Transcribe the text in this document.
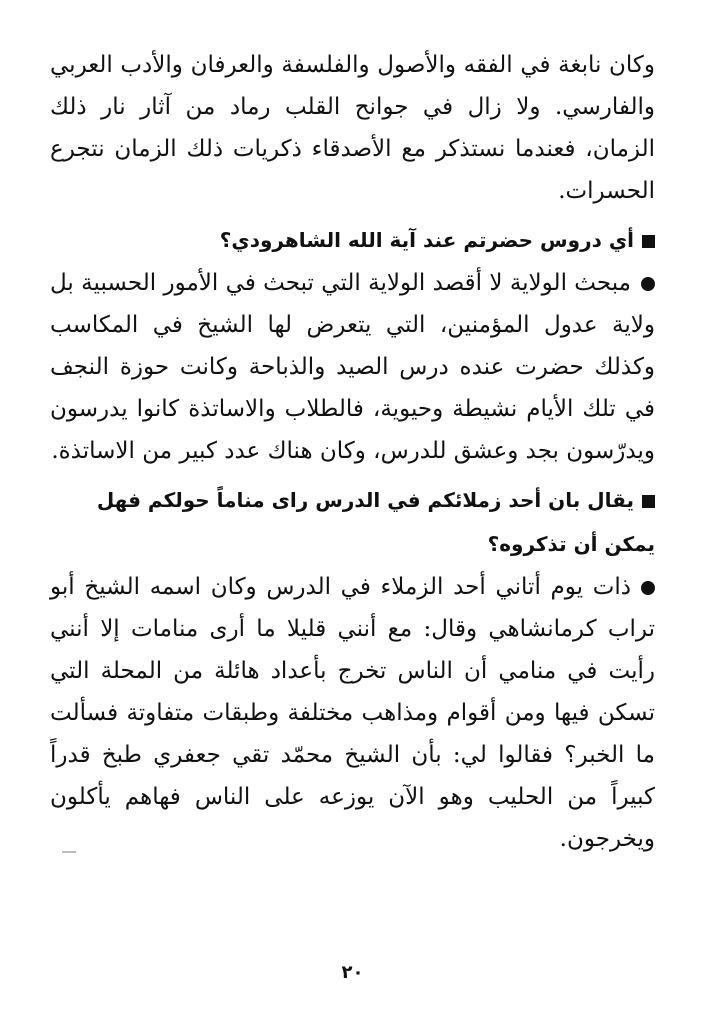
وكان نابغة في الفقه والأصول والفلسفة والعرفان والأدب العربي والفارسي. ولا زال في جوانح القلب رماد من آثار نار ذلك الزمان، فعندما نستذكر مع الأصدقاء ذكريات ذلك الزمان نتجرع الحسرات.

أي دروس حضرتم عند آية الله الشاهرودي؟

مبحث الولاية لا أقصد الولاية التي تبحث في الأمور الحسبية بل ولاية عدول المؤمنين، التي يتعرض لها الشيخ في المكاسب وكذلك حضرت عنده درس الصيد والذباحة وكانت حوزة النجف في تلك الأيام نشيطة وحيوية، فالطلاب والاساتذة كانوا يدرسون ويدرّسون بجد وعشق للدرس، وكان هناك عدد كبير من الاساتذة.

يقال بان أحد زملائكم في الدرس راى مناماً حولكم فهل يمكن أن تذكروه؟

ذات يوم أتاني أحد الزملاء في الدرس وكان اسمه الشيخ أبو تراب كرمانشاهي وقال: مع أنني قليلا ما أرى منامات إلا أنني رأيت في منامي أن الناس تخرج بأعداد هائلة من المحلة التي تسكن فيها ومن أقوام ومذاهب مختلفة وطبقات متفاوتة فسألت ما الخبر؟ فقالوا لي: بأن الشيخ محمّد تقي جعفري طبخ قدراً كبيراً من الحليب وهو الآن يوزعه على الناس فهاهم يأكلون ويخرجون.

٢٠
